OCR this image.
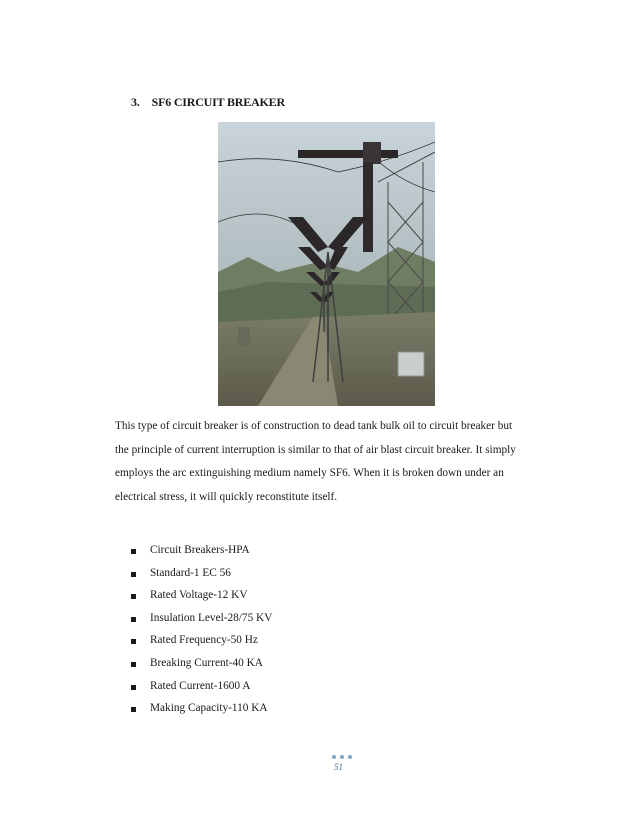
3. SF6 CIRCUIT BREAKER

This type of circuit breaker is of construction to dead tank bulk oil to circuit breaker but
the principle of current interruption is similar to that of air blast circuit breaker. It simply
employs the arc extinguishing medium namely SF6. When it is broken down under an
electrical stress, it will quickly reconstitute itself.

Circuit Breakers-HPA
Standard-1 EC 56
Rated Voltage-12 KV
Insulation Level-28/75 KV
Rated Frequency-50 Hz
Breaking Current-40 KA
Rated Current-1600 A
Making Capacity-110 KA
51
